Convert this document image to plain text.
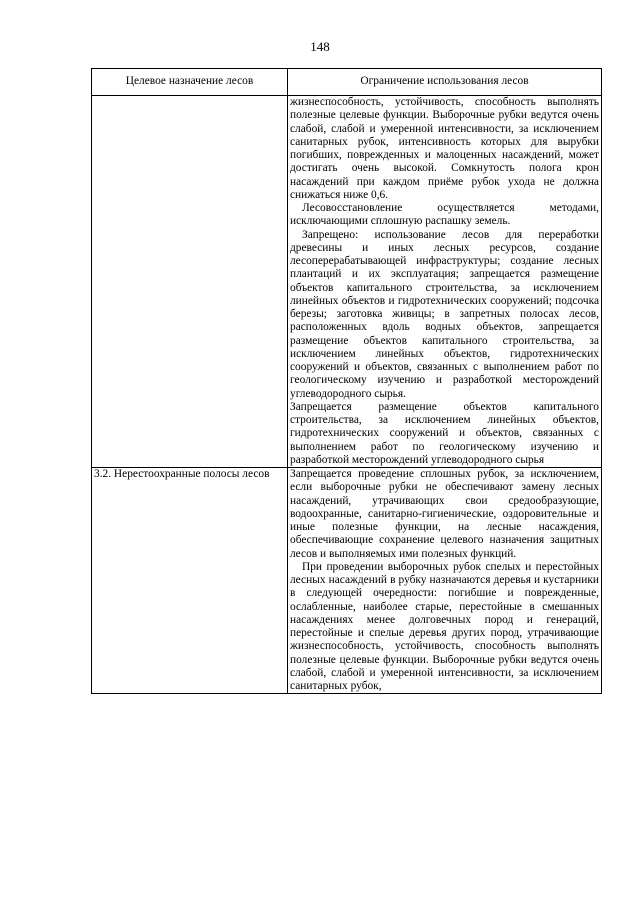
148
Целевое назначение лесов	Ограничение использования лесов

	жизнеспособность, устойчивость, способность выполнять полезные целевые функции. Выборочные рубки ведутся очень слабой, слабой и умеренной интенсивности, за исключением санитарных рубок, интенсивность которых для вырубки погибших, поврежденных и малоценных насаждений, может достигать очень высокой. Сомкнутость полога крон насаждений при каждом приёме рубок ухода не должна снижаться ниже 0,6.

Лесовосстановление осуществляется методами, исключающими сплошную распашку земель.

Запрещено: использование лесов для переработки древесины и иных лесных ресурсов, создание лесоперерабатывающей инфраструктуры; создание лесных плантаций и их эксплуатация; запрещается размещение объектов капитального строительства, за исключением линейных объектов и гидротехнических сооружений; подсочка березы; заготовка живицы; в запретных полосах лесов, расположенных вдоль водных объектов, запрещается размещение объектов капитального строительства, за исключением линейных объектов, гидротехнических сооружений и объектов, связанных с выполнением работ по геологическому изучению и разработкой месторождений углеводородного сырья.

Запрещается размещение объектов капитального строительства, за исключением линейных объектов, гидротехнических сооружений и объектов, связанных с выполнением работ по геологическому изучению и разработкой месторождений углеводородного сырья

3.2. Нерестоохранные полосы лесов	Запрещается проведение сплошных рубок, за исключением, если выборочные рубки не обеспечивают замену лесных насаждений, утрачивающих свои средообразующие, водоохранные, санитарно-гигиенические, оздоровительные и иные полезные функции, на лесные насаждения, обеспечивающие сохранение целевого назначения защитных лесов и выполняемых ими полезных функций.

При проведении выборочных рубок спелых и перестойных лесных насаждений в рубку назначаются деревья и кустарники в следующей очередности: погибшие и поврежденные, ослабленные, наиболее старые, перестойные в смешанных насаждениях менее долговечных пород и генераций, перестойные и спелые деревья других пород, утрачивающие жизнеспособность, устойчивость, способность выполнять полезные целевые функции. Выборочные рубки ведутся очень слабой, слабой и умеренной интенсивности, за исключением санитарных рубок,
